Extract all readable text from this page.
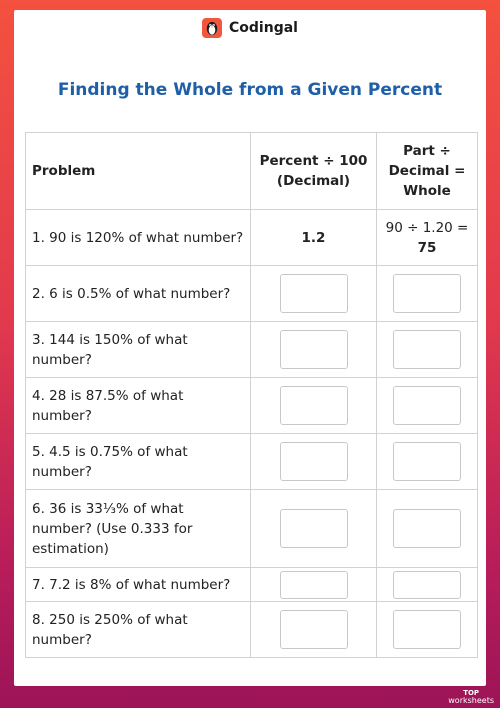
Codingal
Finding the Whole from a Given Percent
Problem	Percent ÷ 100 (Decimal)	Part ÷ Decimal = Whole
1. 90 is 120% of what number?	1.2	90 ÷ 1.20 = 75
2. 6 is 0.5% of what number?		
3. 144 is 150% of what number?		
4. 28 is 87.5% of what number?		
5. 4.5 is 0.75% of what number?		
6. 36 is 33⅓% of what number? (Use 0.333 for estimation)		
7. 7.2 is 8% of what number?		
8. 250 is 250% of what number?		
TOP
worksheets
